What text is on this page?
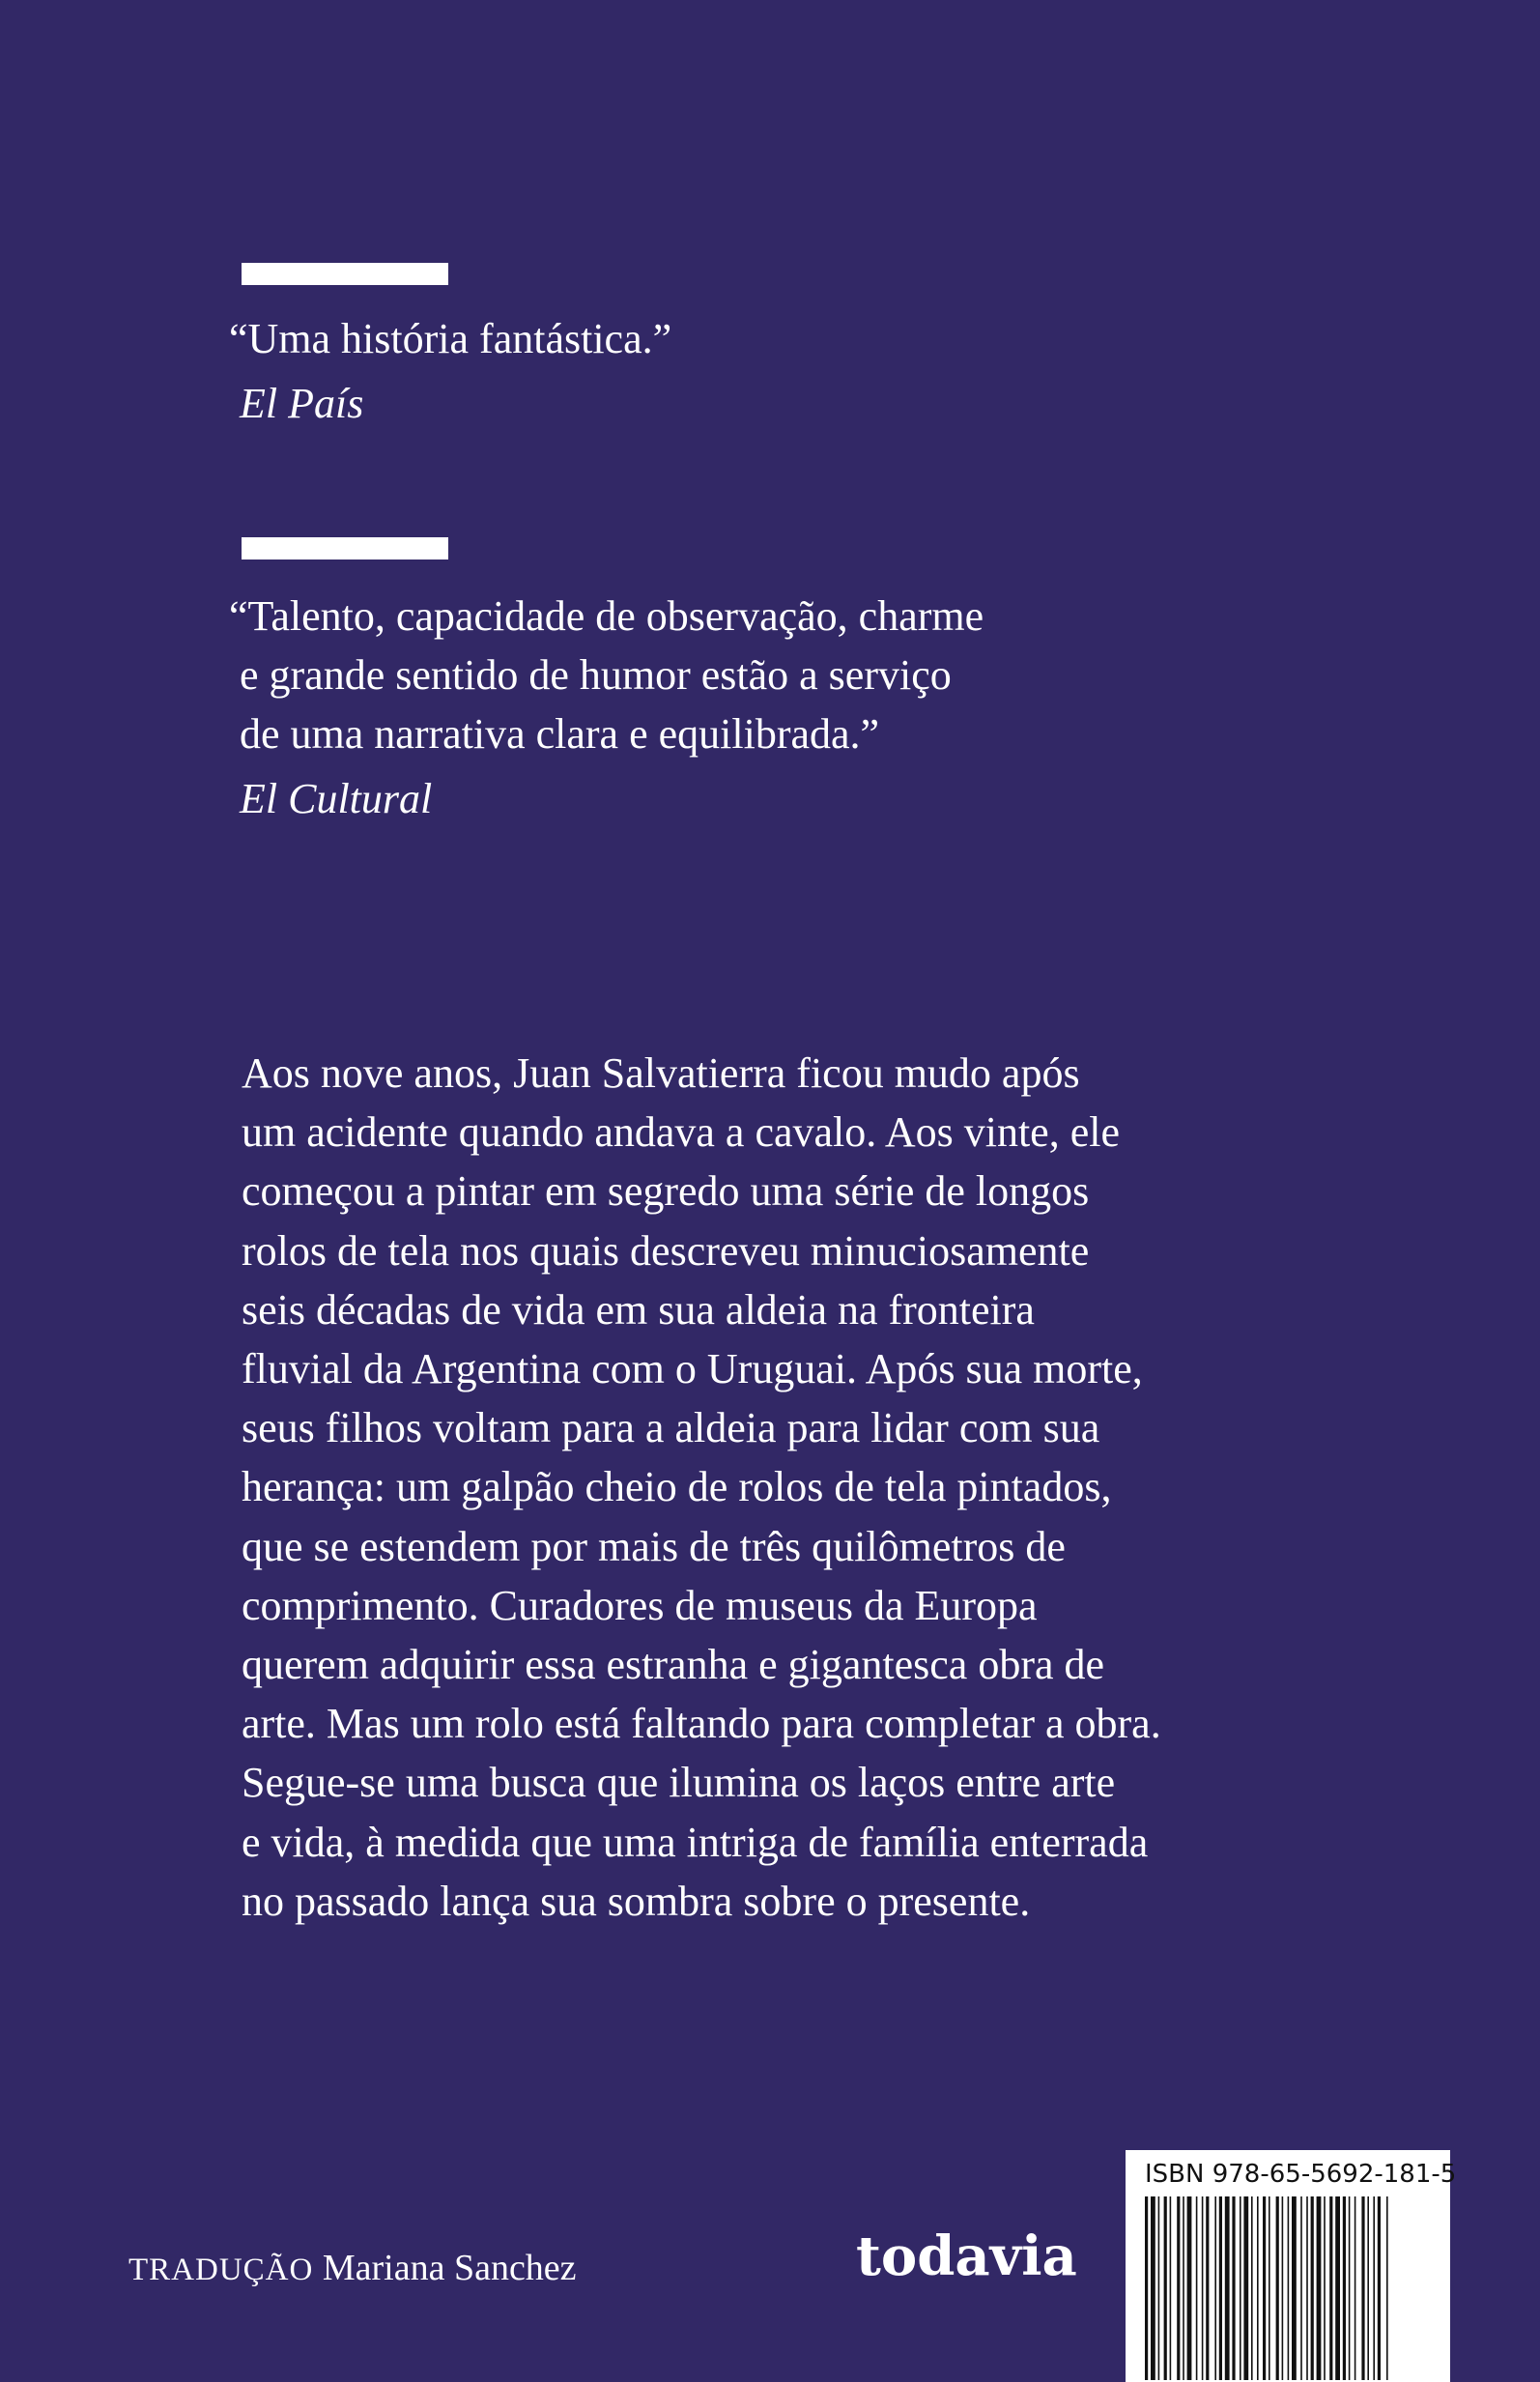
“Uma história fantástica.”
El País
“Talento, capacidade de observação, charme
e grande sentido de humor estão a serviço
de uma narrativa clara e equilibrada.”
El Cultural
Aos nove anos, Juan Salvatierra ficou mudo após
um acidente quando andava a cavalo. Aos vinte, ele
começou a pintar em segredo uma série de longos
rolos de tela nos quais descreveu minuciosamente
seis décadas de vida em sua aldeia na fronteira
fluvial da Argentina com o Uruguai. Após sua morte,
seus filhos voltam para a aldeia para lidar com sua
herança: um galpão cheio de rolos de tela pintados,
que se estendem por mais de três quilômetros de
comprimento. Curadores de museus da Europa
querem adquirir essa estranha e gigantesca obra de
arte. Mas um rolo está faltando para completar a obra.
Segue-se uma busca que ilumina os laços entre arte
e vida, à medida que uma intriga de família enterrada
no passado lança sua sombra sobre o presente.
TRADUÇÃO Mariana Sanchez	todavia
ISBN 978-65-5692-181-5
